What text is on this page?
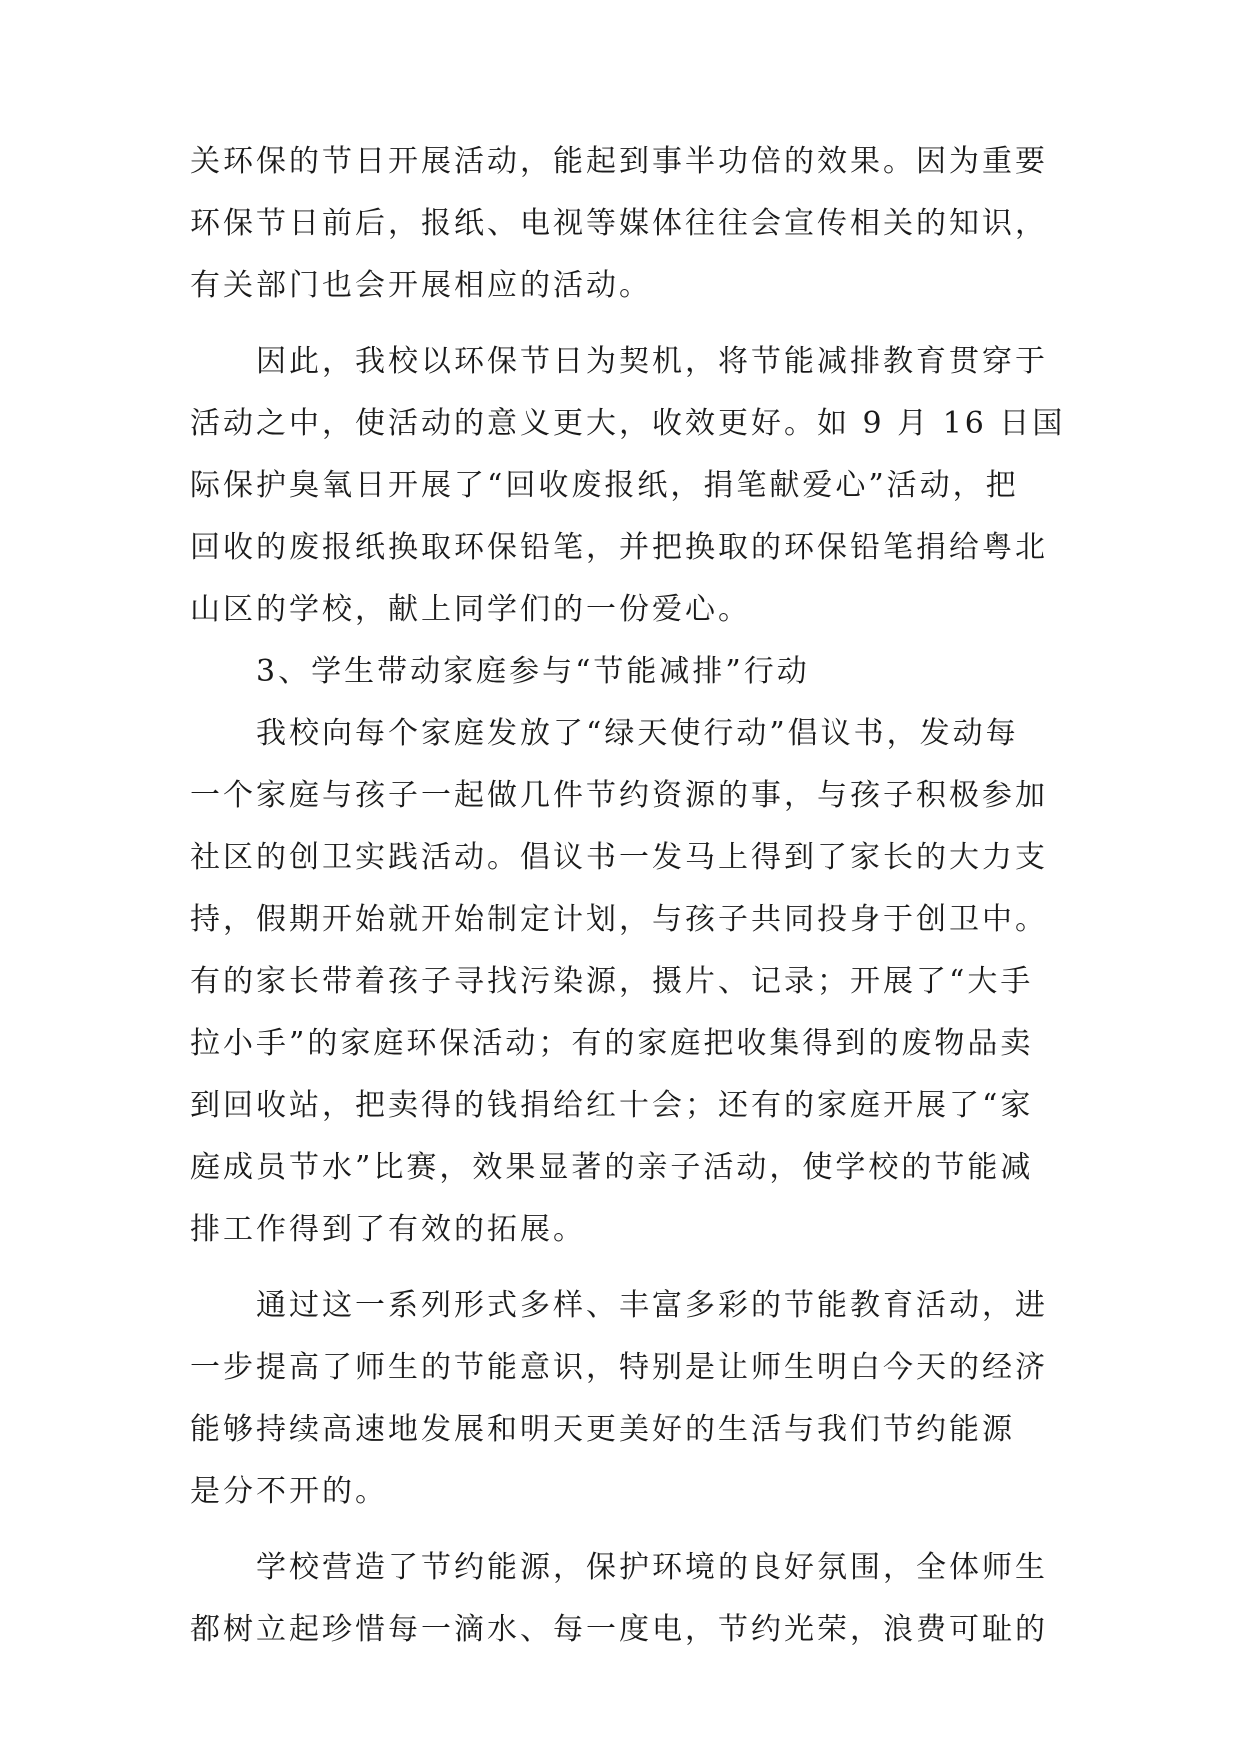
关环保的节日开展活动，能起到事半功倍的效果。因为重要
环保节日前后，报纸、电视等媒体往往会宣传相关的知识，
有关部门也会开展相应的活动。

因此，我校以环保节日为契机，将节能减排教育贯穿于
活动之中，使活动的意义更大，收效更好。如 9 月 16 日国
际保护臭氧日开展了“回收废报纸，捐笔献爱心”活动，把
回收的废报纸换取环保铅笔，并把换取的环保铅笔捐给粤北
山区的学校，献上同学们的一份爱心。

3、学生带动家庭参与“节能减排”行动

我校向每个家庭发放了“绿天使行动”倡议书，发动每
一个家庭与孩子一起做几件节约资源的事，与孩子积极参加
社区的创卫实践活动。倡议书一发马上得到了家长的大力支
持，假期开始就开始制定计划，与孩子共同投身于创卫中。
有的家长带着孩子寻找污染源，摄片、记录；开展了“大手
拉小手”的家庭环保活动；有的家庭把收集得到的废物品卖
到回收站，把卖得的钱捐给红十会；还有的家庭开展了“家
庭成员节水”比赛，效果显著的亲子活动，使学校的节能减
排工作得到了有效的拓展。

通过这一系列形式多样、丰富多彩的节能教育活动，进
一步提高了师生的节能意识，特别是让师生明白今天的经济
能够持续高速地发展和明天更美好的生活与我们节约能源
是分不开的。

学校营造了节约能源，保护环境的良好氛围，全体师生
都树立起珍惜每一滴水、每一度电，节约光荣，浪费可耻的
